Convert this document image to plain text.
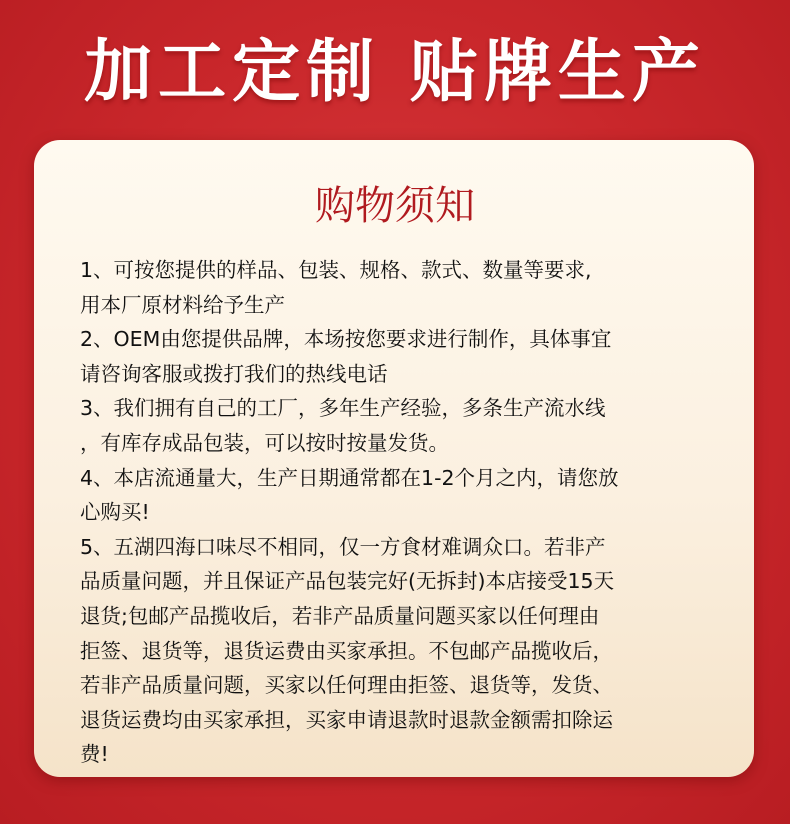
加工定制 贴牌生产
购物须知
1、可按您提供的样品、包装、规格、款式、数量等要求,
用本厂原材料给予生产
2、OEM由您提供品牌，本场按您要求进行制作，具体事宜
请咨询客服或拨打我们的热线电话
3、我们拥有自己的工厂，多年生产经验，多条生产流水线
，有库存成品包装，可以按时按量发货。
4、本店流通量大，生产日期通常都在1-2个月之内，请您放
心购买!
5、五湖四海口味尽不相同，仅一方食材难调众口。若非产
品质量问题，并且保证产品包装完好(无拆封)本店接受15天
退货;包邮产品揽收后，若非产品质量问题买家以任何理由
拒签、退货等，退货运费由买家承担。不包邮产品揽收后，
若非产品质量问题，买家以任何理由拒签、退货等，发货、
退货运费均由买家承担，买家申请退款时退款金额需扣除运
费!
